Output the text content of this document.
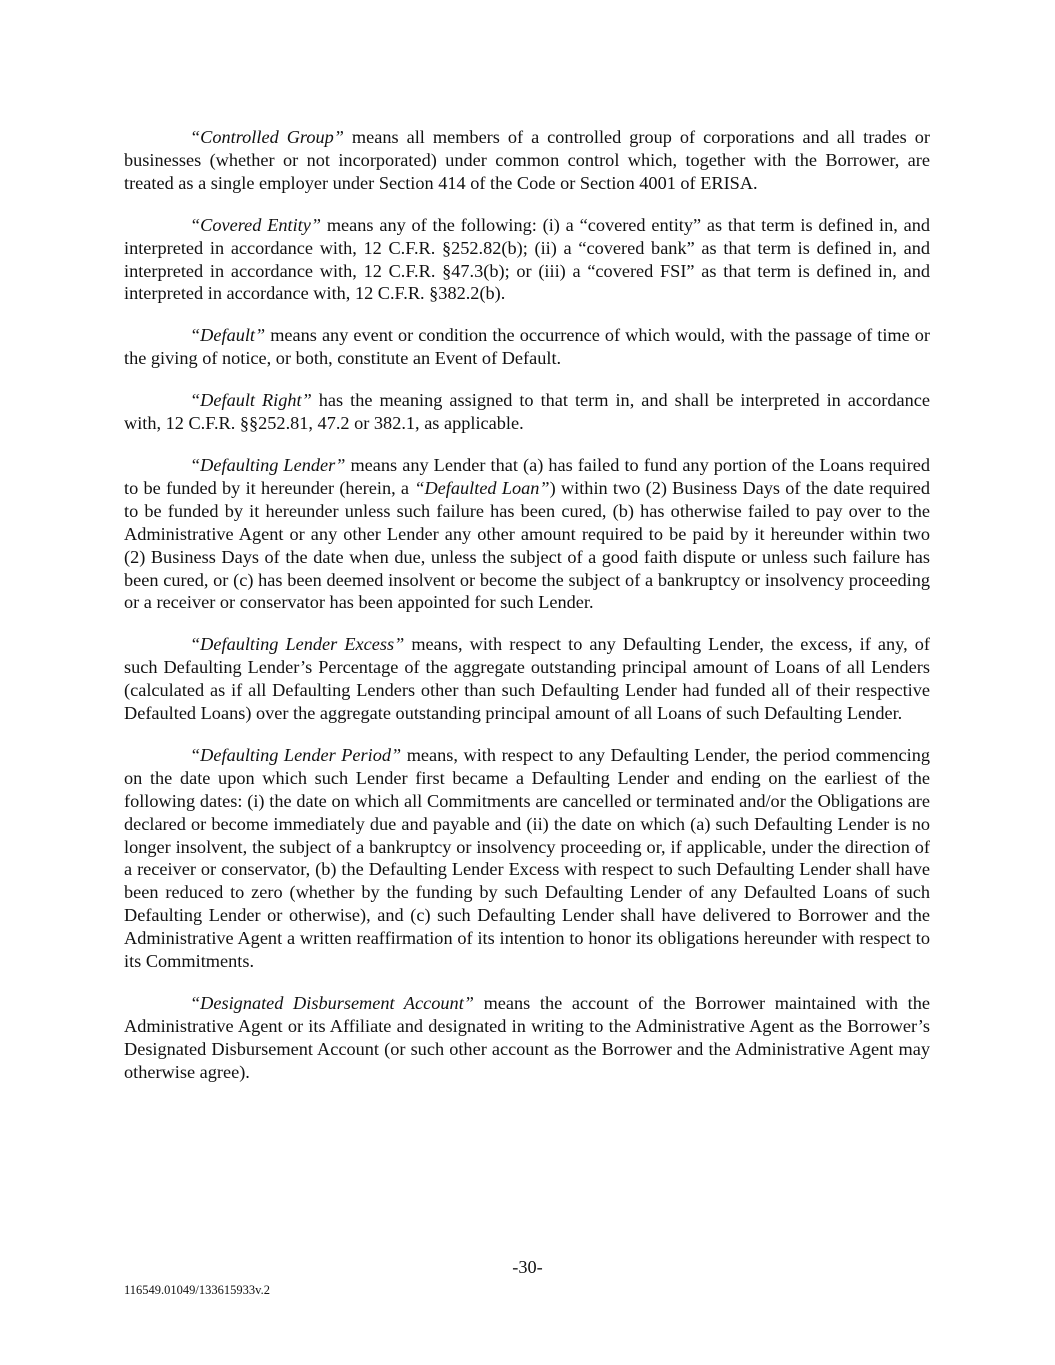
“Controlled Group” means all members of a controlled group of corporations and all trades or businesses (whether or not incorporated) under common control which, together with the Borrower, are treated as a single employer under Section 414 of the Code or Section 4001 of ERISA.

“Covered Entity” means any of the following: (i) a “covered entity” as that term is defined in, and interpreted in accordance with, 12 C.F.R. §252.82(b); (ii) a “covered bank” as that term is defined in, and interpreted in accordance with, 12 C.F.R. §47.3(b); or (iii) a “covered FSI” as that term is defined in, and interpreted in accordance with, 12 C.F.R. §382.2(b).

“Default” means any event or condition the occurrence of which would, with the passage of time or the giving of notice, or both, constitute an Event of Default.

“Default Right” has the meaning assigned to that term in, and shall be interpreted in accordance with, 12 C.F.R. §§252.81, 47.2 or 382.1, as applicable.

“Defaulting Lender” means any Lender that (a) has failed to fund any portion of the Loans required to be funded by it hereunder (herein, a “Defaulted Loan”) within two (2) Business Days of the date required to be funded by it hereunder unless such failure has been cured, (b) has otherwise failed to pay over to the Administrative Agent or any other Lender any other amount required to be paid by it hereunder within two (2) Business Days of the date when due, unless the subject of a good faith dispute or unless such failure has been cured, or (c) has been deemed insolvent or become the subject of a bankruptcy or insolvency proceeding or a receiver or conservator has been appointed for such Lender.

“Defaulting Lender Excess” means, with respect to any Defaulting Lender, the excess, if any, of such Defaulting Lender’s Percentage of the aggregate outstanding principal amount of Loans of all Lenders (calculated as if all Defaulting Lenders other than such Defaulting Lender had funded all of their respective Defaulted Loans) over the aggregate outstanding principal amount of all Loans of such Defaulting Lender.

“Defaulting Lender Period” means, with respect to any Defaulting Lender, the period commencing on the date upon which such Lender first became a Defaulting Lender and ending on the earliest of the following dates: (i) the date on which all Commitments are cancelled or terminated and/or the Obligations are declared or become immediately due and payable and (ii) the date on which (a) such Defaulting Lender is no longer insolvent, the subject of a bankruptcy or insolvency proceeding or, if applicable, under the direction of a receiver or conservator, (b) the Defaulting Lender Excess with respect to such Defaulting Lender shall have been reduced to zero (whether by the funding by such Defaulting Lender of any Defaulted Loans of such Defaulting Lender or otherwise), and (c) such Defaulting Lender shall have delivered to Borrower and the Administrative Agent a written reaffirmation of its intention to honor its obligations hereunder with respect to its Commitments.

“Designated Disbursement Account” means the account of the Borrower maintained with the Administrative Agent or its Affiliate and designated in writing to the Administrative Agent as the Borrower’s Designated Disbursement Account (or such other account as the Borrower and the Administrative Agent may otherwise agree).

-30-
116549.01049/133615933v.2
